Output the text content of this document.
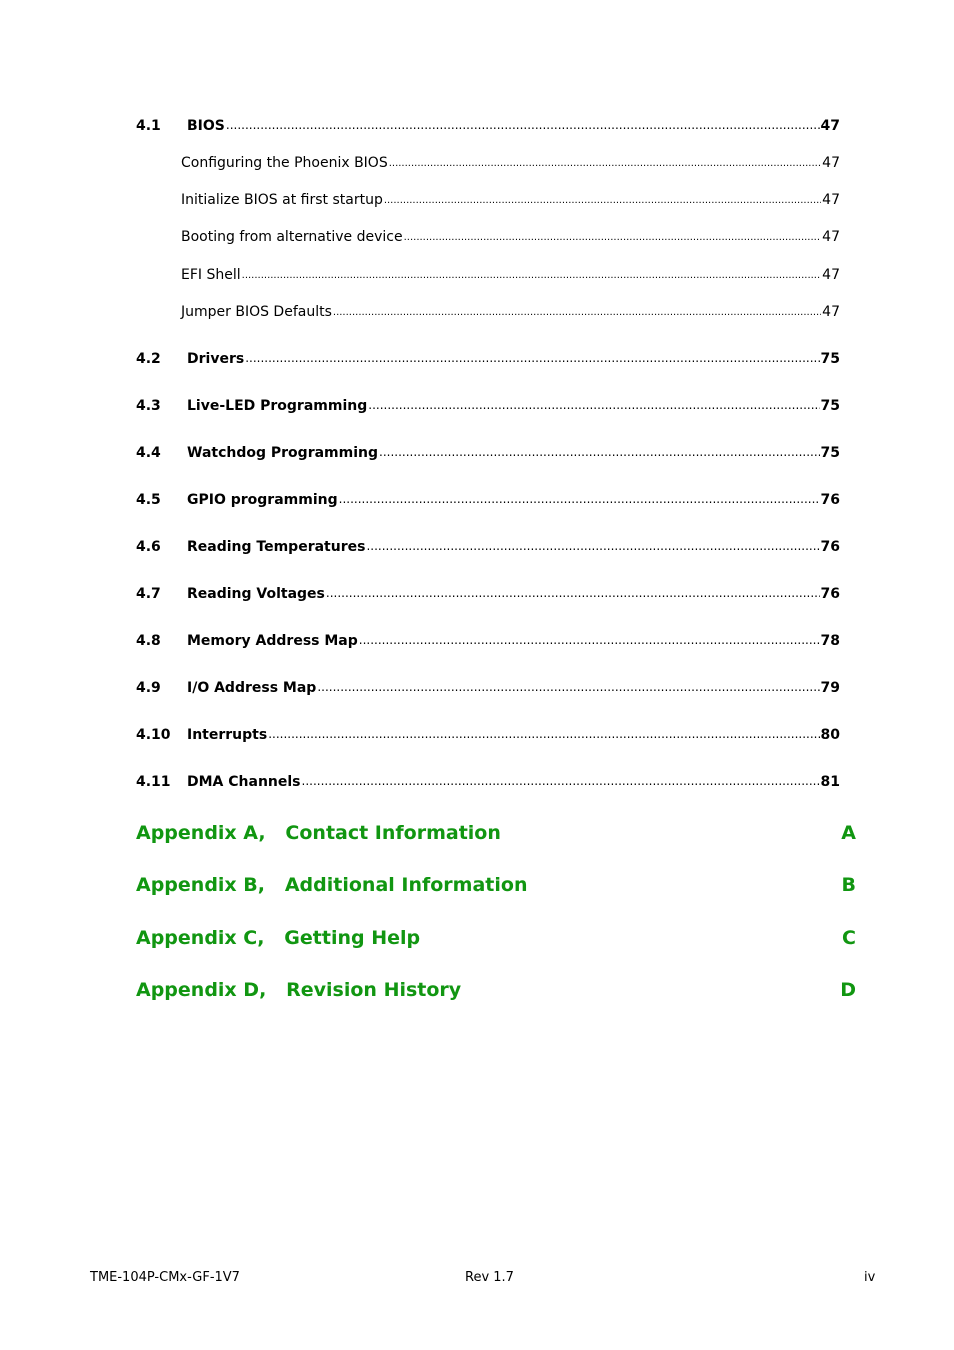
4.1 BIOS .....	47
Configuring the Phoenix BIOS .....	47
Initialize BIOS at first startup .....	47
Booting from alternative device .....	47
EFI Shell .....	47
Jumper BIOS Defaults .....	47
4.2 Drivers .....	75
4.3 Live-LED Programming .....	75
4.4 Watchdog Programming .....	75
4.5 GPIO programming .....	76
4.6 Reading Temperatures .....	76
4.7 Reading Voltages .....	76
4.8 Memory Address Map .....	78
4.9 I/O Address Map .....	79
4.10 Interrupts .....	80
4.11 DMA Channels .....	81
Appendix A,   Contact Information	A
Appendix B,   Additional Information	B
Appendix C,   Getting Help	C
Appendix D,   Revision History	D
TME-104P-CMx-GF-1V7	Rev 1.7	iv
